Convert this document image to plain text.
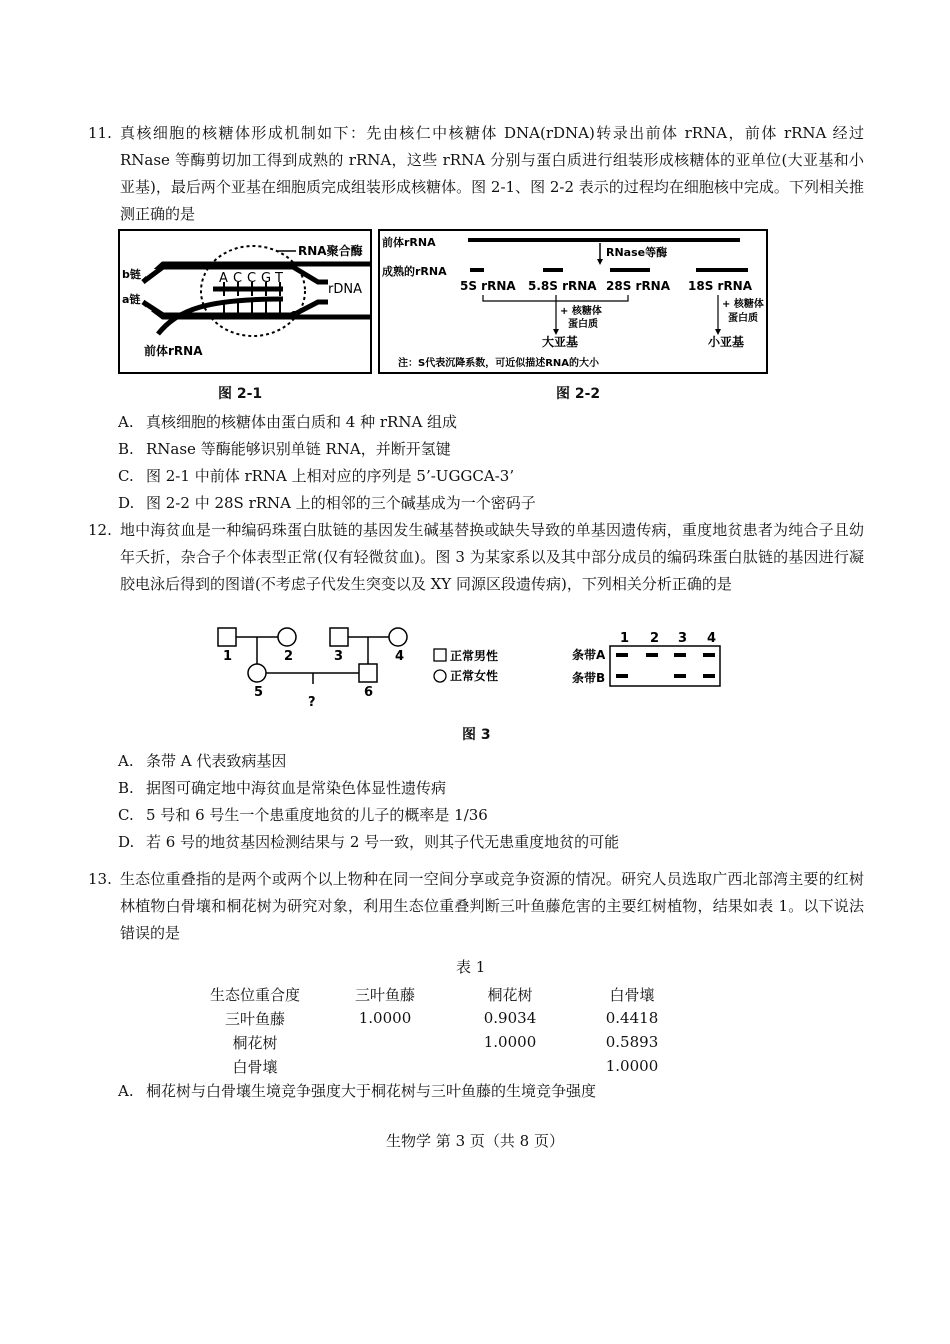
11. 真核细胞的核糖体形成机制如下：先由核仁中核糖体 DNA(rDNA)转录出前体 rRNA，前体 rRNA 经过 RNase 等酶剪切加工得到成熟的 rRNA，这些 rRNA 分别与蛋白质进行组装形成核糖体的亚单位(大亚基和小亚基)，最后两个亚基在细胞质完成组装形成核糖体。图 2-1、图 2-2 表示的过程均在细胞核中完成。下列相关推测正确的是
RNA聚合酶
b链
a链
rDNA
A C C G T
前体rRNA
前体rRNA
RNase等酶
成熟的rRNA
5S rRNA 5.8S rRNA 28S rRNA 18S rRNA
+ 核糖体
蛋白质
+ 核糖体
蛋白质
大亚基	小亚基
注：S代表沉降系数，可近似描述RNA的大小
图 2-1	图 2-2
A. 真核细胞的核糖体由蛋白质和 4 种 rRNA 组成
B. RNase 等酶能够识别单链 RNA，并断开氢键
C. 图 2-1 中前体 rRNA 上相对应的序列是 5’-UGGCA-3’
D. 图 2-2 中 28S rRNA 上的相邻的三个碱基成为一个密码子
12. 地中海贫血是一种编码珠蛋白肽链的基因发生碱基替换或缺失导致的单基因遗传病，重度地贫患者为纯合子且幼年夭折，杂合子个体表型正常(仅有轻微贫血)。图 3 为某家系以及其中部分成员的编码珠蛋白肽链的基因进行凝胶电泳后得到的图谱(不考虑子代发生突变以及 XY 同源区段遗传病)，下列相关分析正确的是
1	2	3	4
5	6
?
正常男性
正常女性
1 2 3 4
条带A
条带B
图 3
A. 条带 A 代表致病基因
B. 据图可确定地中海贫血是常染色体显性遗传病
C. 5 号和 6 号生一个患重度地贫的儿子的概率是 1/36
D. 若 6 号的地贫基因检测结果与 2 号一致，则其子代无患重度地贫的可能
13. 生态位重叠指的是两个或两个以上物种在同一空间分享或竞争资源的情况。研究人员选取广西北部湾主要的红树林植物白骨壤和桐花树为研究对象，利用生态位重叠判断三叶鱼藤危害的主要红树植物，结果如表 1。以下说法错误的是
表 1
生态位重合度	三叶鱼藤	桐花树	白骨壤
三叶鱼藤	1.0000	0.9034	0.4418
桐花树		1.0000	0.5893
白骨壤			1.0000
A. 桐花树与白骨壤生境竞争强度大于桐花树与三叶鱼藤的生境竞争强度
生物学 第 3 页（共 8 页）
